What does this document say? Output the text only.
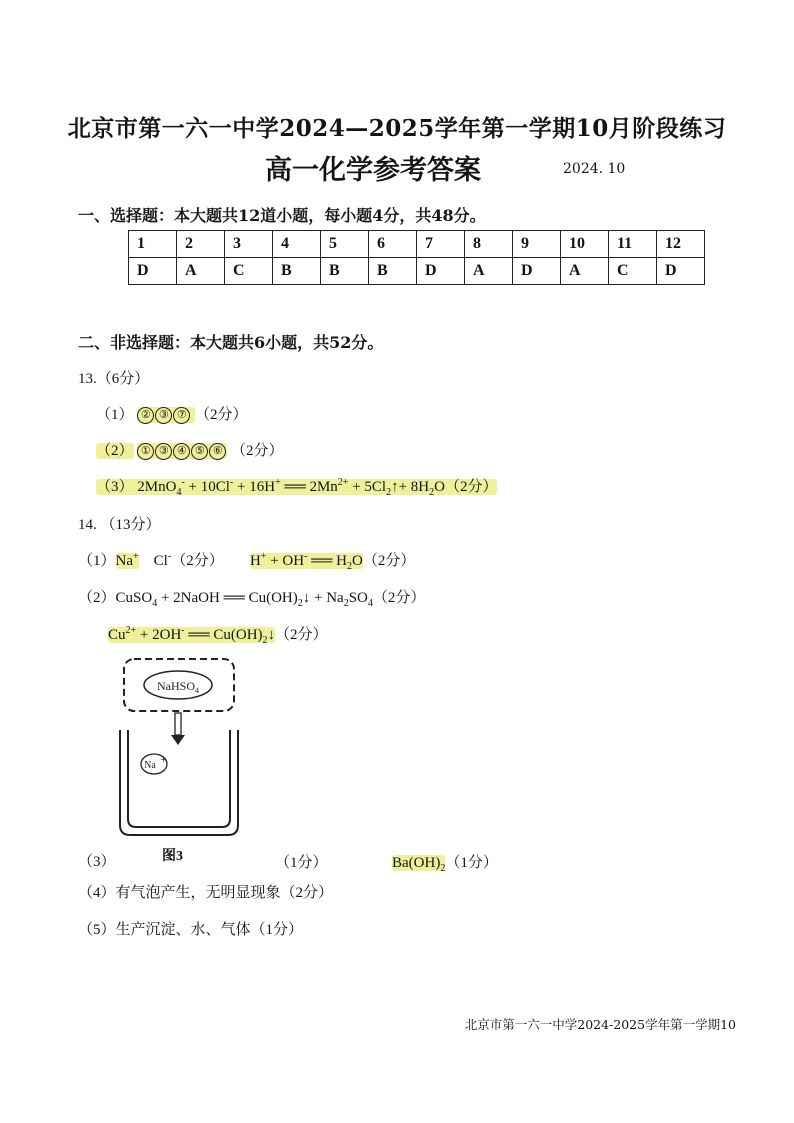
北京市第一六一中学2024—2025学年第一学期10月阶段练习
高一化学参考答案	2024. 10
一、选择题：本大题共12道小题，每小题4分，共48分。
1	2	3	4	5	6	7	8	9	10	11	12
D	A	C	B	B	B	D	A	D	A	C	D
二、非选择题：本大题共6小题，共52分。
13.（6分）
（1） ② ③ ⑦ （2分）
（2） ① ③ ④ ⑤ ⑥ （2分）
（3） 2MnO$_4$- + 10Cl- + 16H+ ══ $2Mn^{2+}$ + $5Cl_2↑+ 8H_2O(2$分）
14. （13分）
（1）Na+ Cl-（2分） H+ + OH- ══ $H_2O(2$分）
（2）CuSO$_4$ + 2NaOH ══ $Cu(OH)_2↓ + Na_2SO_4(2$分）
$Cu^{2+} + 2OH^-$ ══ $Cu(OH)_2↓(2$分）
NaHSO$_4$
Na
+
（3）	图3	（1分）	$Ba(OH)_2(1$分）
（4）有气泡产生，无明显现象（2分）
（5）生产沉淀、水、气体（1分）
北京市第一六一中学2024-2025学年第一学期10
